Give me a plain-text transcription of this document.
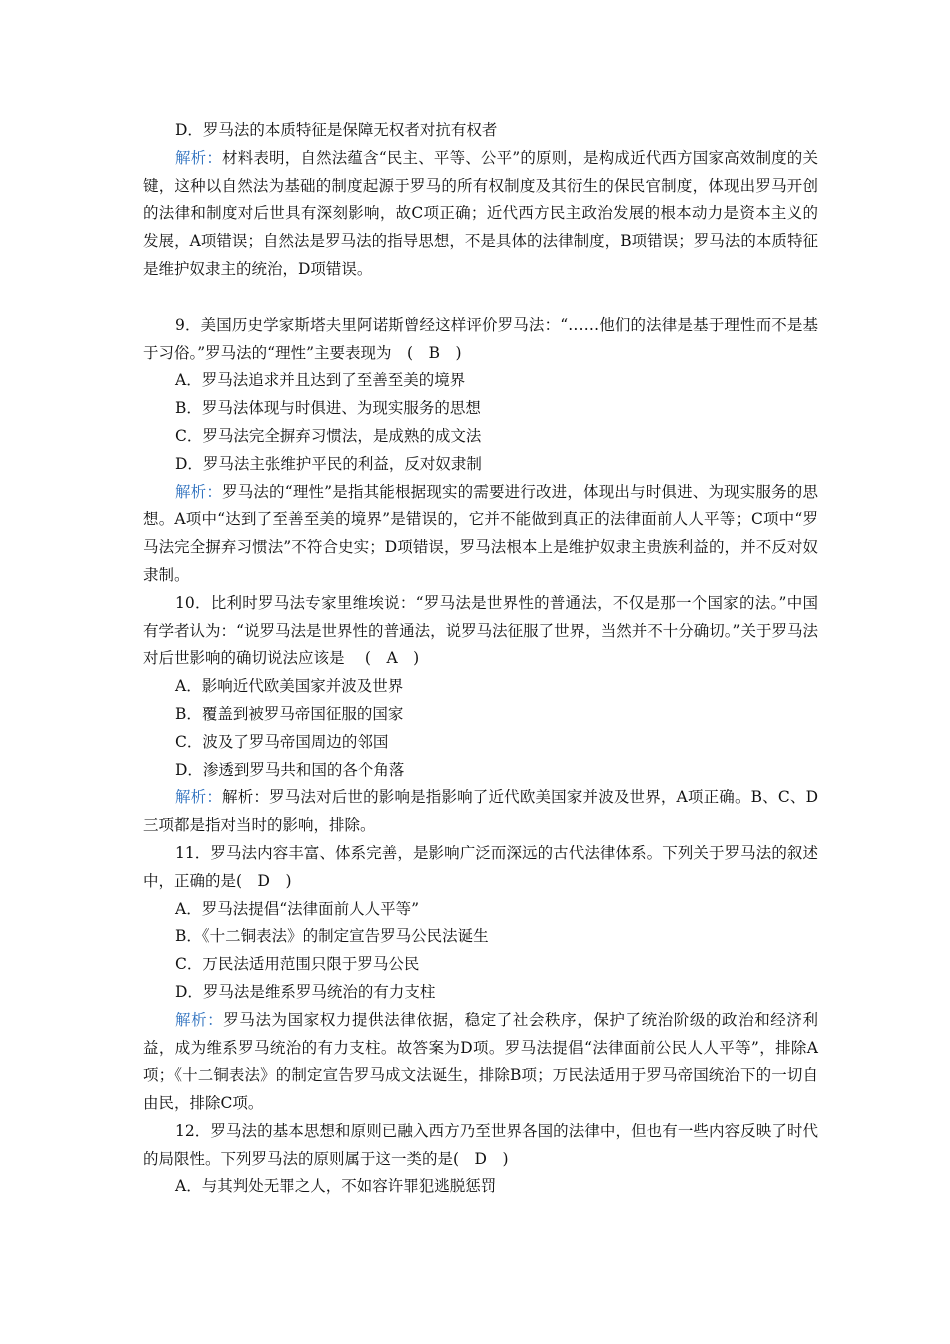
D．罗马法的本质特征是保障无权者对抗有权者

解析：材料表明，自然法蕴含“民主、平等、公平”的原则，是构成近代西方国家高效制度的关键，这种以自然法为基础的制度起源于罗马的所有权制度及其衍生的保民官制度，体现出罗马开创的法律和制度对后世具有深刻影响，故C项正确；近代西方民主政治发展的根本动力是资本主义的发展，A项错误；自然法是罗马法的指导思想，不是具体的法律制度，B项错误；罗马法的本质特征是维护奴隶主的统治，D项错误。

9．美国历史学家斯塔夫里阿诺斯曾经这样评价罗马法：“……他们的法律是基于理性而不是基于习俗。”罗马法的“理性”主要表现为　(　B　)

A．罗马法追求并且达到了至善至美的境界

B．罗马法体现与时俱进、为现实服务的思想

C．罗马法完全摒弃习惯法，是成熟的成文法

D．罗马法主张维护平民的利益，反对奴隶制

解析：罗马法的“理性”是指其能根据现实的需要进行改进，体现出与时俱进、为现实服务的思想。A项中“达到了至善至美的境界”是错误的，它并不能做到真正的法律面前人人平等；C项中“罗马法完全摒弃习惯法”不符合史实；D项错误，罗马法根本上是维护奴隶主贵族利益的，并不反对奴隶制。

10．比利时罗马法专家里维埃说：“罗马法是世界性的普通法，不仅是那一个国家的法。”中国有学者认为：“说罗马法是世界性的普通法，说罗马法征服了世界，当然并不十分确切。”关于罗马法对后世影响的确切说法应该是　 (　A　)

A．影响近代欧美国家并波及世界

B．覆盖到被罗马帝国征服的国家

C．波及了罗马帝国周边的邻国

D．渗透到罗马共和国的各个角落

解析：解析：罗马法对后世的影响是指影响了近代欧美国家并波及世界，A项正确。B、C、D三项都是指对当时的影响，排除。

11．罗马法内容丰富、体系完善，是影响广泛而深远的古代法律体系。下列关于罗马法的叙述中，正确的是(　D　)

A．罗马法提倡“法律面前人人平等”

B．《十二铜表法》的制定宣告罗马公民法诞生

C．万民法适用范围只限于罗马公民

D．罗马法是维系罗马统治的有力支柱

解析：罗马法为国家权力提供法律依据，稳定了社会秩序，保护了统治阶级的政治和经济利益，成为维系罗马统治的有力支柱。故答案为D项。罗马法提倡“法律面前公民人人平等”，排除A项；《十二铜表法》的制定宣告罗马成文法诞生，排除B项；万民法适用于罗马帝国统治下的一切自由民，排除C项。

12．罗马法的基本思想和原则已融入西方乃至世界各国的法律中，但也有一些内容反映了时代的局限性。下列罗马法的原则属于这一类的是(　D　)

A．与其判处无罪之人，不如容许罪犯逃脱惩罚
